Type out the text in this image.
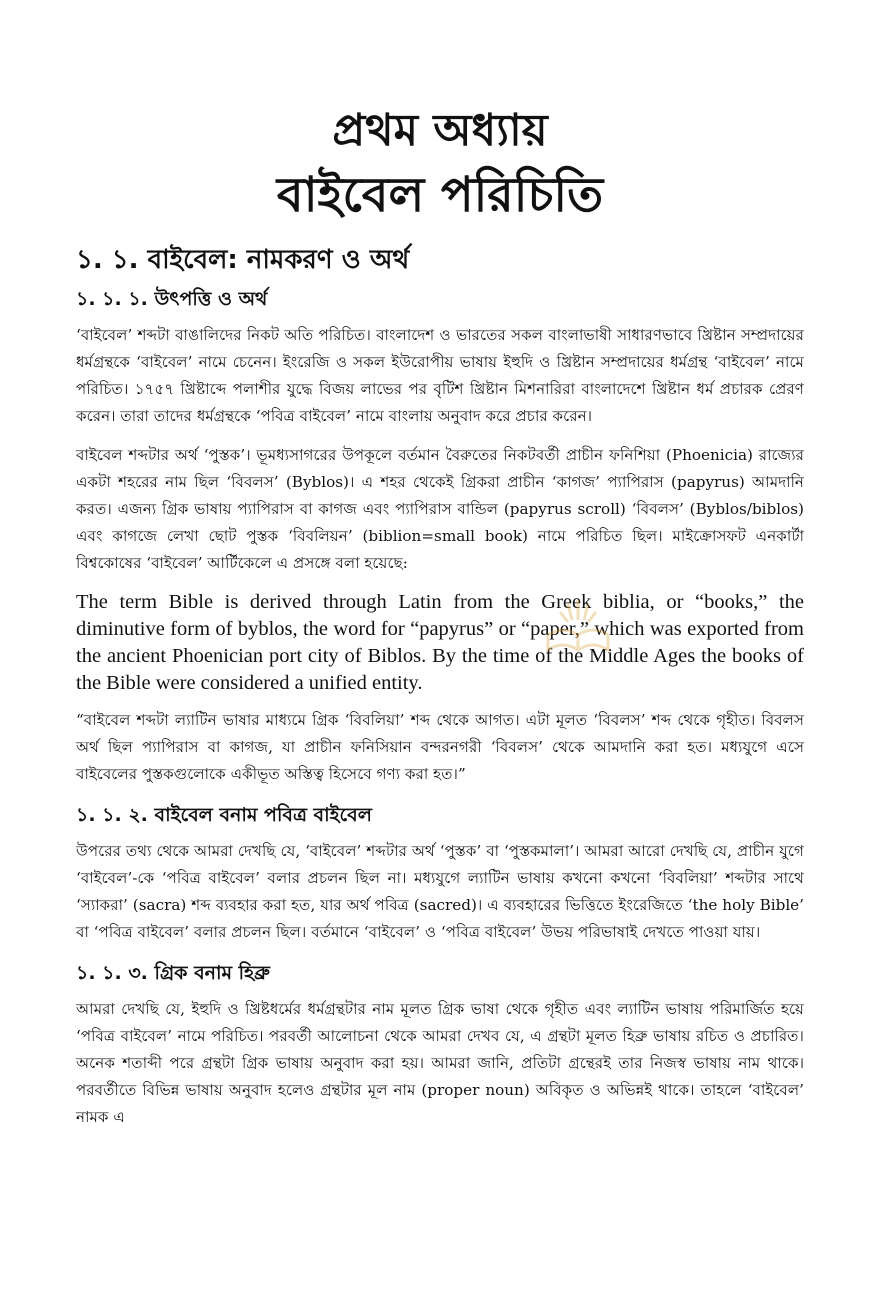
প্রথম অধ্যায়
বাইবেল পরিচিতি
১. ১. বাইবেল: নামকরণ ও অর্থ
১. ১. ১. উৎপত্তি ও অর্থ

‘বাইবেল’ শব্দটা বাঙালিদের নিকট অতি পরিচিত। বাংলাদেশ ও ভারতের সকল বাংলাভাষী সাধারণভাবে খ্রিষ্টান সম্প্রদায়ের ধর্মগ্রন্থকে ‘বাইবেল’ নামে চেনেন। ইংরেজি ও সকল ইউরোপীয় ভাষায় ইহুদি ও খ্রিষ্টান সম্প্রদায়ের ধর্মগ্রন্থ ‘বাইবেল’ নামে পরিচিত। ১৭৫৭ খ্রিষ্টাব্দে পলাশীর যুদ্ধে বিজয় লাভের পর বৃটিশ খ্রিষ্টান মিশনারিরা বাংলাদেশে খ্রিষ্টান ধর্ম প্রচারক প্রেরণ করেন। তারা তাদের ধর্মগ্রন্থকে ‘পবিত্র বাইবেল’ নামে বাংলায় অনুবাদ করে প্রচার করেন।

বাইবেল শব্দটার অর্থ ‘পুস্তক’। ভূমধ্যসাগরের উপকূলে বর্তমান বৈরুতের নিকটবর্তী প্রাচীন ফনিশিয়া (Phoenicia) রাজ্যের একটা শহরের নাম ছিল ‘বিবলস’ (Byblos)। এ শহর থেকেই গ্রিকরা প্রাচীন ‘কাগজ’ প্যাপিরাস (papyrus) আমদানি করত। এজন্য গ্রিক ভাষায় প্যাপিরাস বা কাগজ এবং প্যাপিরাস বান্ডিল (papyrus scroll) ‘বিবলস’ (Byblos/biblos) এবং কাগজে লেখা ছোট পুস্তক ‘বিবলিয়ন’ (biblion=small book) নামে পরিচিত ছিল। মাইক্রোসফট এনকার্টা বিশ্বকোষের ‘বাইবেল’ আর্টিকেলে এ প্রসঙ্গে বলা হয়েছে:

The term Bible is derived through Latin from the Greek biblia, or “books,” the diminutive form of byblos, the word for “papyrus” or “paper,” which was exported from the ancient Phoenician port city of Biblos. By the time of the Middle Ages the books of the Bible were considered a unified entity.

“বাইবেল শব্দটা ল্যাটিন ভাষার মাধ্যমে গ্রিক ‘বিবলিয়া’ শব্দ থেকে আগত। এটা মূলত ‘বিবলস’ শব্দ থেকে গৃহীত। বিবলস অর্থ ছিল প্যাপিরাস বা কাগজ, যা প্রাচীন ফনিসিয়ান বন্দরনগরী ‘বিবলস’ থেকে আমদানি করা হত। মধ্যযুগে এসে বাইবেলের পুস্তকগুলোকে একীভূত অস্তিত্ব হিসেবে গণ্য করা হত।”

১. ১. ২. বাইবেল বনাম পবিত্র বাইবেল

উপরের তথ্য থেকে আমরা দেখছি যে, ‘বাইবেল’ শব্দটার অর্থ ‘পুস্তক’ বা ‘পুস্তকমালা’। আমরা আরো দেখছি যে, প্রাচীন যুগে ‘বাইবেল’-কে ‘পবিত্র বাইবেল’ বলার প্রচলন ছিল না। মধ্যযুগে ল্যাটিন ভাষায় কখনো কখনো ‘বিবলিয়া’ শব্দটার সাথে ‘স্যাকরা’ (sacra) শব্দ ব্যবহার করা হত, যার অর্থ পবিত্র (sacred)। এ ব্যবহারের ভিত্তিতে ইংরেজিতে ‘the holy Bible’ বা ‘পবিত্র বাইবেল’ বলার প্রচলন ছিল। বর্তমানে ‘বাইবেল’ ও ‘পবিত্র বাইবেল’ উভয় পরিভাষাই দেখতে পাওয়া যায়।

১. ১. ৩. গ্রিক বনাম হিব্রু

আমরা দেখছি যে, ইহুদি ও খ্রিষ্টধর্মের ধর্মগ্রন্থটার নাম মূলত গ্রিক ভাষা থেকে গৃহীত এবং ল্যাটিন ভাষায় পরিমার্জিত হয়ে ‘পবিত্র বাইবেল’ নামে পরিচিত। পরবর্তী আলোচনা থেকে আমরা দেখব যে, এ গ্রন্থটা মূলত হিব্রু ভাষায় রচিত ও প্রচারিত। অনেক শতাব্দী পরে গ্রন্থটা গ্রিক ভাষায় অনুবাদ করা হয়। আমরা জানি, প্রতিটা গ্রন্থেরই তার নিজস্ব ভাষায় নাম থাকে। পরবর্তীতে বিভিন্ন ভাষায় অনুবাদ হলেও গ্রন্থটার মূল নাম (proper noun) অবিকৃত ও অভিন্নই থাকে। তাহলে ‘বাইবেল’ নামক এ
